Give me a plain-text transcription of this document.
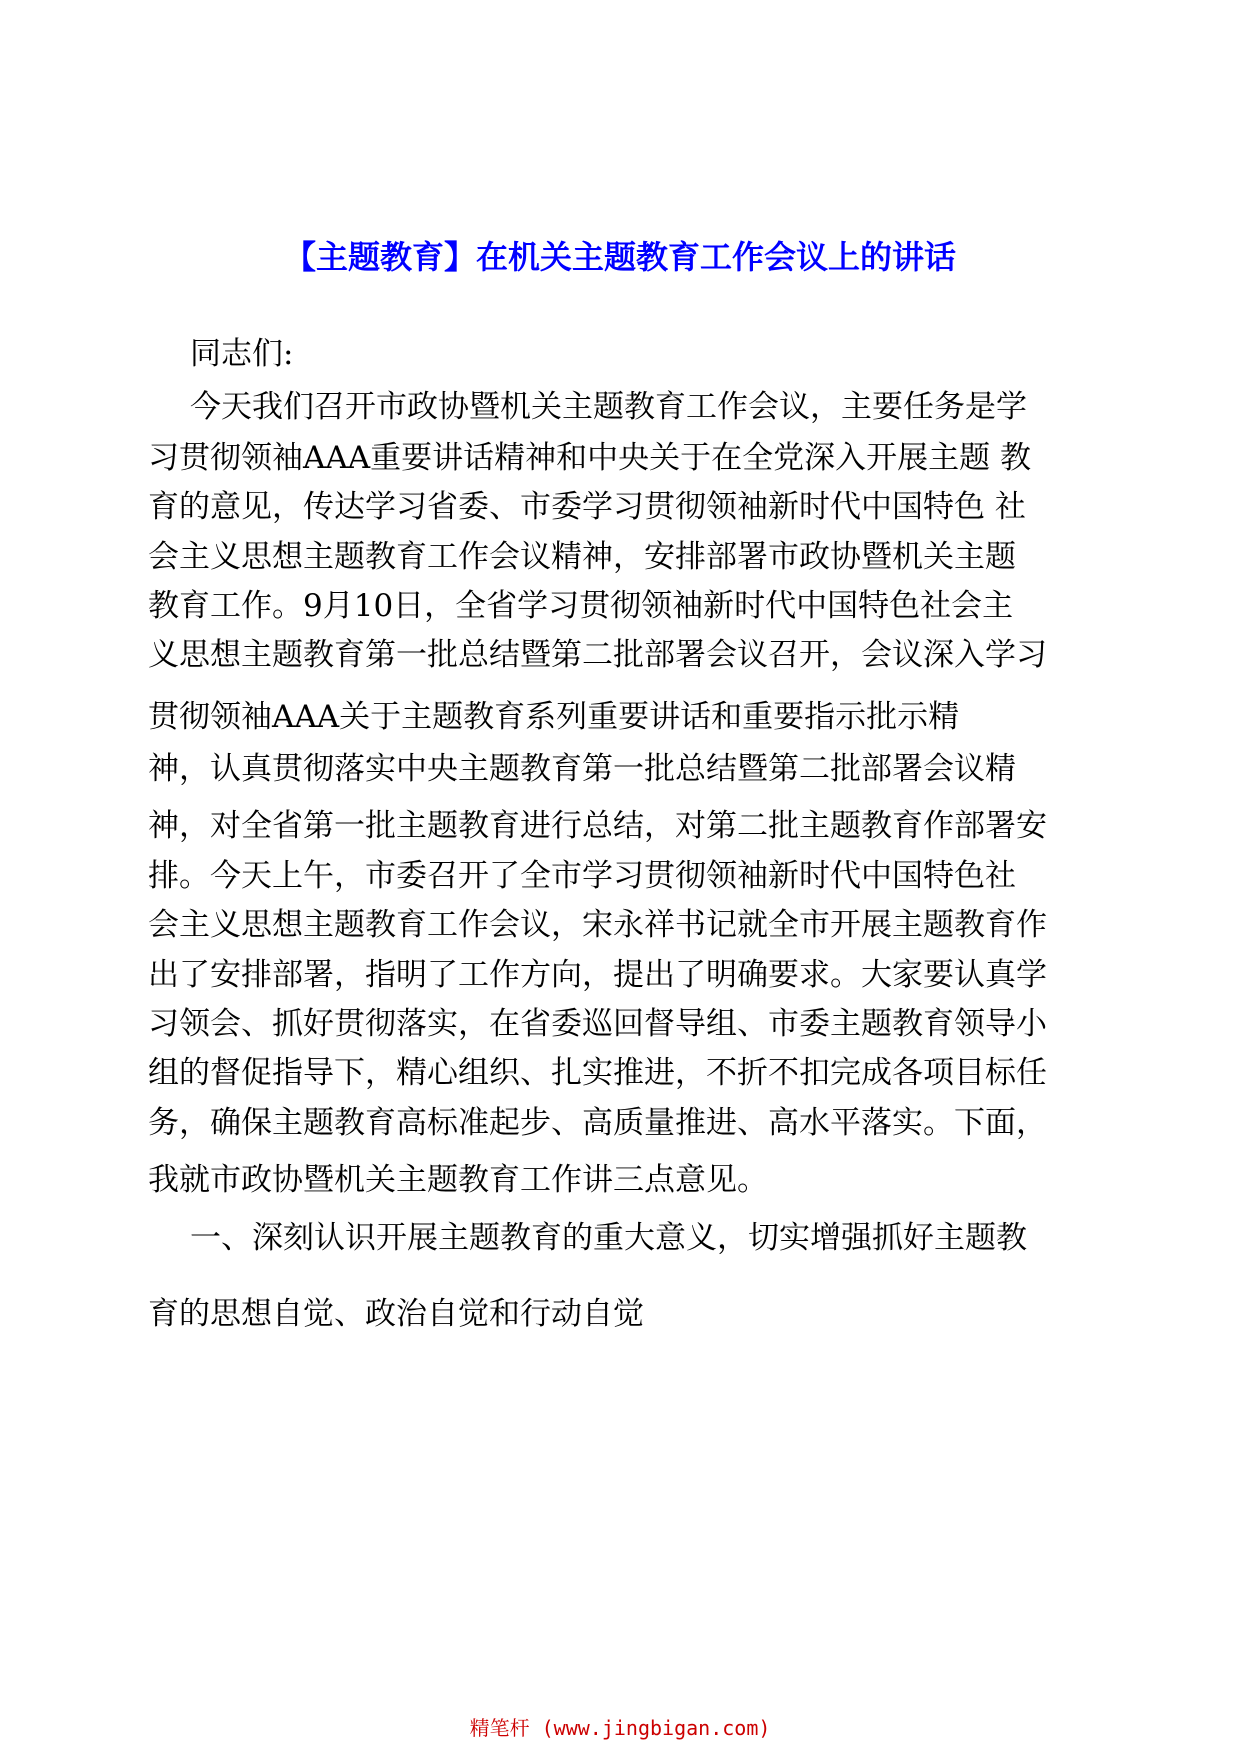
【主题教育】在机关主题教育工作会议上的讲话

同志们:

今天我们召开市政协暨机关主题教育工作会议，主要任务是学

习贯彻领袖AAA重要讲话精神和中央关于在全党深入开展主题 教

育的意见，传达学习省委、市委学习贯彻领袖新时代中国特色 社

会主义思想主题教育工作会议精神，安排部署市政协暨机关主题

教育工作。9月10日，全省学习贯彻领袖新时代中国特色社会主

义思想主题教育第一批总结暨第二批部署会议召开，会议深入学习

贯彻领袖AAA关于主题教育系列重要讲话和重要指示批示精

神，认真贯彻落实中央主题教育第一批总结暨第二批部署会议精

神，对全省第一批主题教育进行总结，对第二批主题教育作部署安

排。今天上午，市委召开了全市学习贯彻领袖新时代中国特色社

会主义思想主题教育工作会议，宋永祥书记就全市开展主题教育作

出了安排部署，指明了工作方向，提出了明确要求。大家要认真学

习领会、抓好贯彻落实，在省委巡回督导组、市委主题教育领导小

组的督促指导下，精心组织、扎实推进，不折不扣完成各项目标任

务，确保主题教育高标准起步、高质量推进、高水平落实。下面，

我就市政协暨机关主题教育工作讲三点意见。

一、深刻认识开展主题教育的重大意义，切实增强抓好主题教

育的思想自觉、政治自觉和行动自觉

精笔杆 (www.jingbigan.com)
